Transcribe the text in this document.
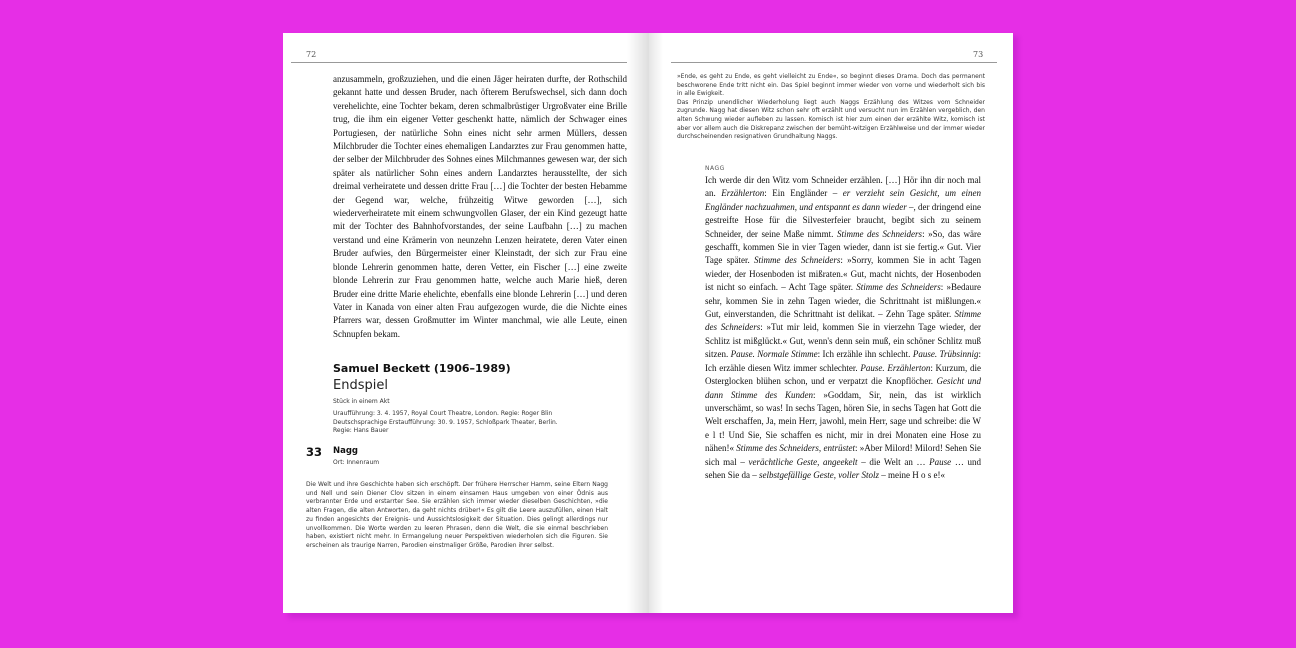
72
anzusammeln, großzuziehen, und die einen Jäger heiraten durfte, der Rothschild gekannt hatte und dessen Bruder, nach öfterem Berufswechsel, sich dann doch verehelichte, eine Tochter bekam, deren schmalbrüstiger Urgroßvater eine Brille trug, die ihm ein eigener Vetter geschenkt hatte, nämlich der Schwager eines Portugiesen, der natürliche Sohn eines nicht sehr armen Müllers, dessen Milchbruder die Tochter eines ehemaligen Landarztes zur Frau genommen hatte, der selber der Milchbruder des Sohnes eines Milchmannes gewesen war, der sich später als natürlicher Sohn eines andern Landarztes herausstellte, der sich dreimal verheiratete und dessen dritte Frau […] die Tochter der besten Hebamme der Gegend war, welche, frühzeitig Witwe geworden […], sich wiederverheiratete mit einem schwungvollen Glaser, der ein Kind gezeugt hatte mit der Tochter des Bahnhofvorstandes, der seine Laufbahn […] zu machen verstand und eine Krämerin von neunzehn Lenzen heiratete, deren Vater einen Bruder aufwies, den Bürgermeister einer Kleinstadt, der sich zur Frau eine blonde Lehrerin genommen hatte, deren Vetter, ein Fischer […] eine zweite blonde Lehrerin zur Frau genommen hatte, welche auch Marie hieß, deren Bruder eine dritte Marie ehelichte, ebenfalls eine blonde Lehrerin […] und deren Vater in Kanada von einer alten Frau aufgezogen wurde, die die Nichte eines Pfarrers war, dessen Großmutter im Winter manchmal, wie alle Leute, einen Schnupfen bekam.
Samuel Beckett (1906–1989)
Endspiel
Stück in einem Akt
Uraufführung: 3. 4. 1957, Royal Court Theatre, London. Regie: Roger Blin
Deutschsprachige Erstaufführung: 30. 9. 1957, Schloßpark Theater, Berlin.
Regie: Hans Bauer
33 Nagg
Ort: Innenraum
Die Welt und ihre Geschichte haben sich erschöpft. Der frühere Herrscher Hamm, seine Eltern Nagg und Nell und sein Diener Clov sitzen in einem einsamen Haus umgeben von einer Ödnis aus verbrannter Erde und erstarrter See. Sie erzählen sich immer wieder dieselben Geschichten, »die alten Fragen, die alten Antworten, da geht nichts drüber!« Es gilt die Leere auszufüllen, einen Halt zu finden angesichts der Ereignis- und Aussichtslosigkeit der Situation. Dies gelingt allerdings nur unvollkommen. Die Worte werden zu leeren Phrasen, denn die Welt, die sie einmal beschrieben haben, existiert nicht mehr. In Ermangelung neuer Perspektiven wiederholen sich die Figuren. Sie erscheinen als traurige Narren, Parodien einstmaliger Größe, Parodien ihrer selbst.
73
»Ende, es geht zu Ende, es geht vielleicht zu Ende«, so beginnt dieses Drama. Doch das permanent beschworene Ende tritt nicht ein. Das Spiel beginnt immer wieder von vorne und wiederholt sich bis in alle Ewigkeit.
Das Prinzip unendlicher Wiederholung liegt auch Naggs Erzählung des Witzes vom Schneider zugrunde. Nagg hat diesen Witz schon sehr oft erzählt und versucht nun im Erzählen vergeblich, den alten Schwung wieder aufleben zu lassen. Komisch ist hier zum einen der erzählte Witz, komisch ist aber vor allem auch die Diskrepanz zwischen der bemüht-witzigen Erzählweise und der immer wieder durchscheinenden resignativen Grundhaltung Naggs.
NAGG
Ich werde dir den Witz vom Schneider erzählen. […] Hör ihn dir noch mal an. Erzählerton: Ein Engländer – er verzieht sein Gesicht, um einen Engländer nachzuahmen, und entspannt es dann wieder –, der dringend eine gestreifte Hose für die Silvesterfeier braucht, begibt sich zu seinem Schneider, der seine Maße nimmt. Stimme des Schneiders: »So, das wäre geschafft, kommen Sie in vier Tagen wieder, dann ist sie fertig.« Gut. Vier Tage später. Stimme des Schneiders: »Sorry, kommen Sie in acht Tagen wieder, der Hosenboden ist mißraten.« Gut, macht nichts, der Hosenboden ist nicht so einfach. – Acht Tage später. Stimme des Schneiders: »Bedaure sehr, kommen Sie in zehn Tagen wieder, die Schrittnaht ist mißlungen.« Gut, einverstanden, die Schrittnaht ist delikat. – Zehn Tage später. Stimme des Schneiders: »Tut mir leid, kommen Sie in vierzehn Tage wieder, der Schlitz ist mißglückt.« Gut, wenn's denn sein muß, ein schöner Schlitz muß sitzen. Pause. Normale Stimme: Ich erzähle ihn schlecht. Pause. Trübsinnig: Ich erzähle diesen Witz immer schlechter. Pause. Erzählerton: Kurzum, die Osterglocken blühen schon, und er verpatzt die Knopflöcher. Gesicht und dann Stimme des Kunden: »Goddam, Sir, nein, das ist wirklich unverschämt, so was! In sechs Tagen, hören Sie, in sechs Tagen hat Gott die Welt erschaffen, Ja, mein Herr, jawohl, mein Herr, sage und schreibe: die W e l t! Und Sie, Sie schaffen es nicht, mir in drei Monaten eine Hose zu nähen!« Stimme des Schneiders, entrüstet: »Aber Milord! Milord! Sehen Sie sich mal – verächtliche Geste, angeekelt – die Welt an … Pause … und sehen Sie da – selbstgefällige Geste, voller Stolz – meine H o s e!«
